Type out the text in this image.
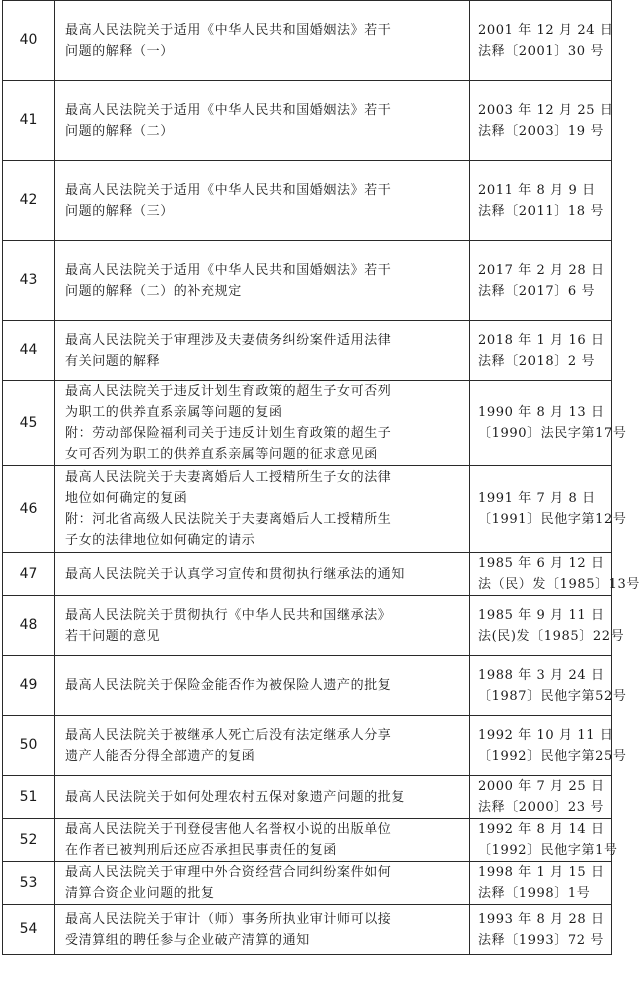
40	最高人民法院关于适用《中华人民共和国婚姻法》若干
问题的解释（一）	2001 年 12 月 24 日
法释〔2001〕30 号

41	最高人民法院关于适用《中华人民共和国婚姻法》若干
问题的解释（二）	2003 年 12 月 25 日
法释〔2003〕19 号

42	最高人民法院关于适用《中华人民共和国婚姻法》若干
问题的解释（三）	2011 年 8 月 9 日
法释〔2011〕18 号

43	最高人民法院关于适用《中华人民共和国婚姻法》若干
问题的解释（二）的补充规定	2017 年 2 月 28 日
法释〔2017〕6 号

44	最高人民法院关于审理涉及夫妻债务纠纷案件适用法律
有关问题的解释	2018 年 1 月 16 日
法释〔2018〕2 号

45	最高人民法院关于违反计划生育政策的超生子女可否列
为职工的供养直系亲属等问题的复函
附：劳动部保险福利司关于违反计划生育政策的超生子
女可否列为职工的供养直系亲属等问题的征求意见函	1990 年 8 月 13 日
〔1990〕法民字第17号

46	最高人民法院关于夫妻离婚后人工授精所生子女的法律
地位如何确定的复函
附：河北省高级人民法院关于夫妻离婚后人工授精所生
子女的法律地位如何确定的请示	1991 年 7 月 8 日
〔1991〕民他字第12号

47	最高人民法院关于认真学习宣传和贯彻执行继承法的通知	1985 年 6 月 12 日
法（民）发〔1985〕13号

48	最高人民法院关于贯彻执行《中华人民共和国继承法》
若干问题的意见	1985 年 9 月 11 日
法(民)发〔1985〕22号

49	最高人民法院关于保险金能否作为被保险人遗产的批复	1988 年 3 月 24 日
〔1987〕民他字第52号

50	最高人民法院关于被继承人死亡后没有法定继承人分享
遗产人能否分得全部遗产的复函	1992 年 10 月 11 日
〔1992〕民他字第25号

51	最高人民法院关于如何处理农村五保对象遗产问题的批复	2000 年 7 月 25 日
法释〔2000〕23 号

52	最高人民法院关于刊登侵害他人名誉权小说的出版单位
在作者已被判刑后还应否承担民事责任的复函	1992 年 8 月 14 日
〔1992〕民他字第1号

53	最高人民法院关于审理中外合资经营合同纠纷案件如何
清算合资企业问题的批复	1998 年 1 月 15 日
法释〔1998〕1号

54	最高人民法院关于审计（师）事务所执业审计师可以接
受清算组的聘任参与企业破产清算的通知	1993 年 8 月 28 日
法释〔1993〕72 号
